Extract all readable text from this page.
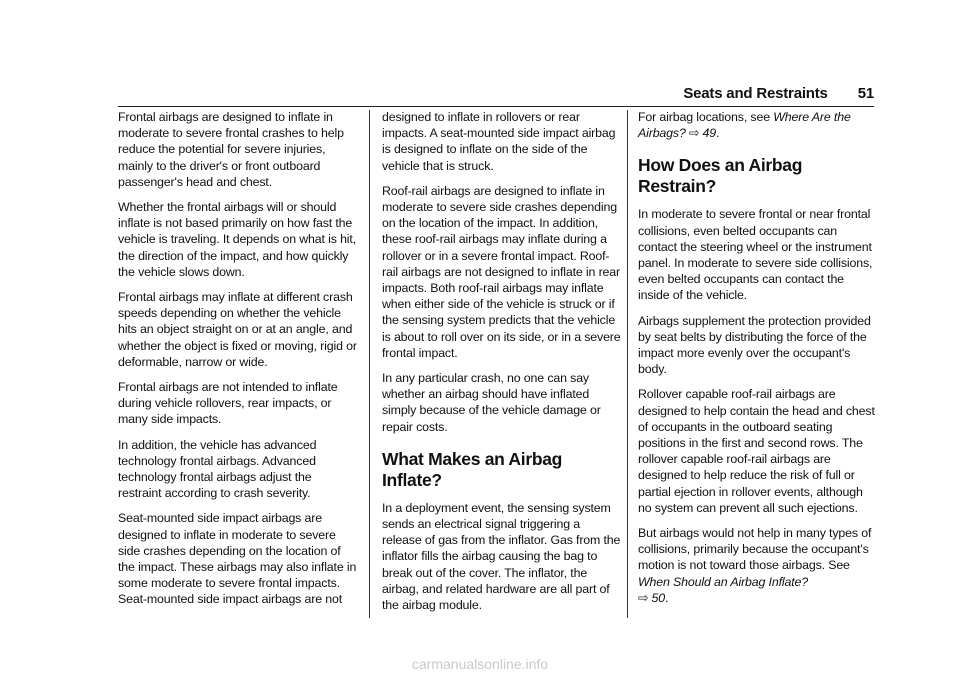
Seats and Restraints 51

Frontal airbags are designed to inflate in moderate to severe frontal crashes to help reduce the potential for severe injuries, mainly to the driver's or front outboard passenger's head and chest.

Whether the frontal airbags will or should inflate is not based primarily on how fast the vehicle is traveling. It depends on what is hit, the direction of the impact, and how quickly the vehicle slows down.

Frontal airbags may inflate at different crash speeds depending on whether the vehicle hits an object straight on or at an angle, and whether the object is fixed or moving, rigid or deformable, narrow or wide.

Frontal airbags are not intended to inflate during vehicle rollovers, rear impacts, or many side impacts.

In addition, the vehicle has advanced technology frontal airbags. Advanced technology frontal airbags adjust the restraint according to crash severity.

Seat-mounted side impact airbags are designed to inflate in moderate to severe side crashes depending on the location of the impact. These airbags may also inflate in some moderate to severe frontal impacts. Seat-mounted side impact airbags are not

designed to inflate in rollovers or rear impacts. A seat-mounted side impact airbag is designed to inflate on the side of the vehicle that is struck.

Roof-rail airbags are designed to inflate in moderate to severe side crashes depending on the location of the impact. In addition, these roof-rail airbags may inflate during a rollover or in a severe frontal impact. Roof-rail airbags are not designed to inflate in rear impacts. Both roof-rail airbags may inflate when either side of the vehicle is struck or if the sensing system predicts that the vehicle is about to roll over on its side, or in a severe frontal impact.

In any particular crash, no one can say whether an airbag should have inflated simply because of the vehicle damage or repair costs.

What Makes an Airbag Inflate?

In a deployment event, the sensing system sends an electrical signal triggering a release of gas from the inflator. Gas from the inflator fills the airbag causing the bag to break out of the cover. The inflator, the airbag, and related hardware are all part of the airbag module.

For airbag locations, see Where Are the Airbags? ⇨ 49.

How Does an Airbag Restrain?

In moderate to severe frontal or near frontal collisions, even belted occupants can contact the steering wheel or the instrument panel. In moderate to severe side collisions, even belted occupants can contact the inside of the vehicle.

Airbags supplement the protection provided by seat belts by distributing the force of the impact more evenly over the occupant's body.

Rollover capable roof-rail airbags are designed to help contain the head and chest of occupants in the outboard seating positions in the first and second rows. The rollover capable roof-rail airbags are designed to help reduce the risk of full or partial ejection in rollover events, although no system can prevent all such ejections.

But airbags would not help in many types of collisions, primarily because the occupant's motion is not toward those airbags. See When Should an Airbag Inflate?
⇨ 50.

carmanualsonline.info
